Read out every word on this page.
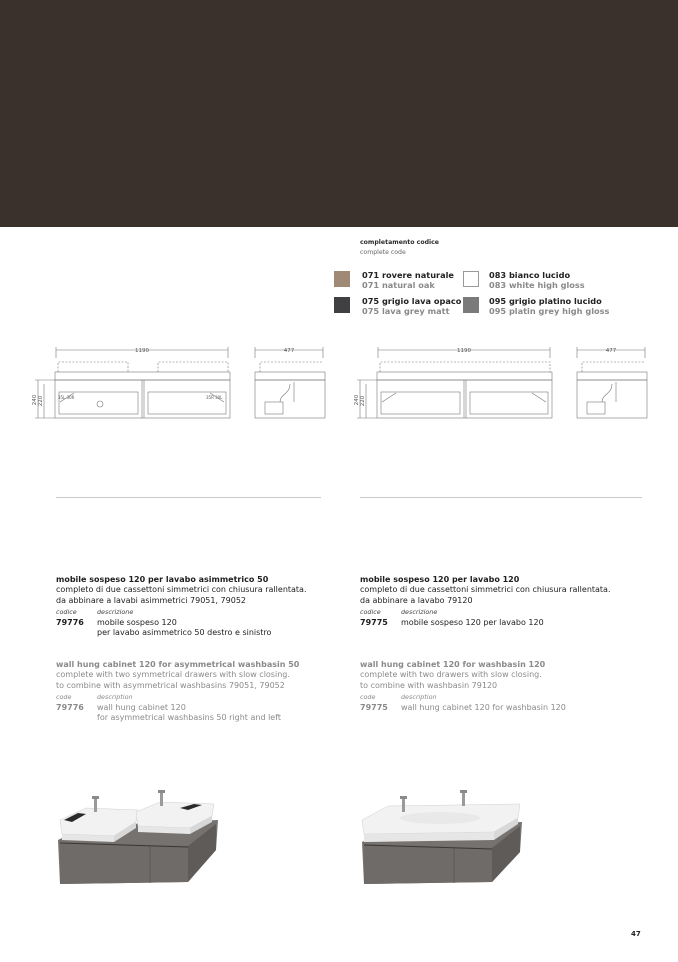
completamento codice
complete code
071 rovere naturale
071 natural oak
075 grigio lava opaco
075 lava grey matt
083 bianco lucido
083 white high gloss
095 grigio platino lucido
095 platin grey high gloss
1190	477
240 220	35L 30R	35R 30L
1190	477
240 220
mobile sospeso 120 per lavabo asimmetrico 50
completo di due cassettoni simmetrici con chiusura rallentata.
da abbinare a lavabi asimmetrici 79051, 79052
codice	descrizione
79776	mobile sospeso 120
per lavabo asimmetrico 50 destro e sinistro
wall hung cabinet 120 for asymmetrical washbasin 50
complete with two symmetrical drawers with slow closing.
to combine with asymmetrical washbasins 79051, 79052
code	description
79776	wall hung cabinet 120
for asymmetrical washbasins 50 right and left
mobile sospeso 120 per lavabo 120
completo di due cassettoni simmetrici con chiusura rallentata.
da abbinare a lavabo 79120
codice	descrizione
79775	mobile sospeso 120 per lavabo 120
wall hung cabinet 120 for washbasin 120
complete with two drawers with slow closing.
to combine with washbasin 79120
code	description
79775	wall hung cabinet 120 for washbasin 120
47
